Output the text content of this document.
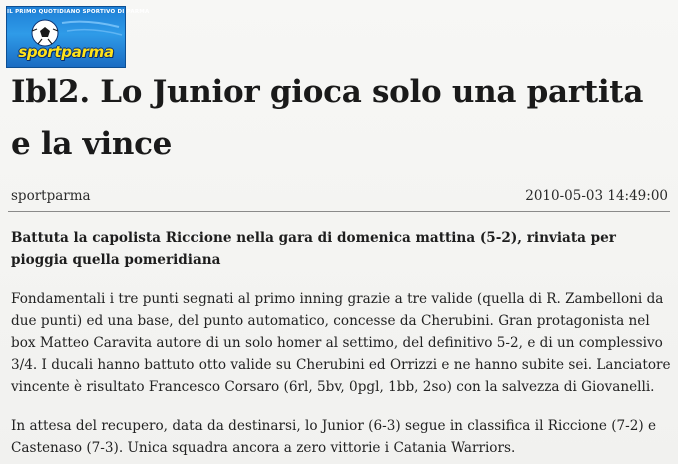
IL PRIMO QUOTIDIANO SPORTIVO DI PARMA
sportparma
Ibl2. Lo Junior gioca solo una partita e la vince
sportparma	2010-05-03 14:49:00

Battuta la capolista Riccione nella gara di domenica mattina (5-2), rinviata per pioggia quella pomeridiana

Fondamentali i tre punti segnati al primo inning grazie a tre valide (quella di R. Zambelloni da due punti) ed una base, del punto automatico, concesse da Cherubini. Gran protagonista nel box Matteo Caravita autore di un solo homer al settimo, del definitivo 5-2, e di un complessivo 3/4. I ducali hanno battuto otto valide su Cherubini ed Orrizzi e ne hanno subite sei. Lanciatore vincente è risultato Francesco Corsaro (6rl, 5bv, 0pgl, 1bb, 2so) con la salvezza di Giovanelli.

In attesa del recupero, data da destinarsi, lo Junior (6-3) segue in classifica il Riccione (7-2) e Castenaso (7-3). Unica squadra ancora a zero vittorie i Catania Warriors.
